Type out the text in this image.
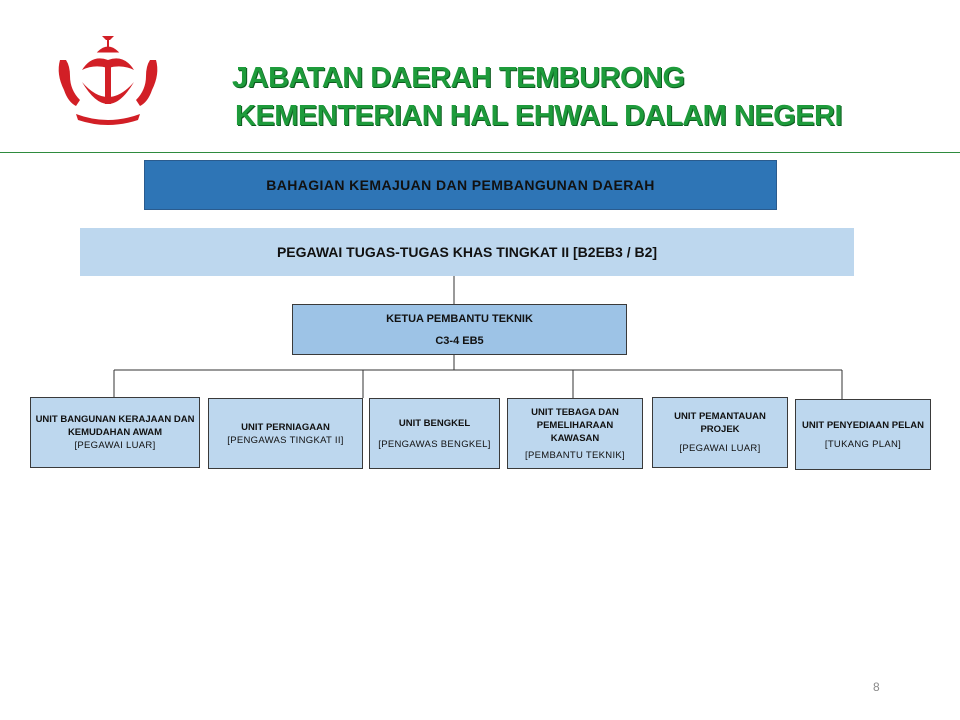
JABATAN DAERAH TEMBURONG
KEMENTERIAN HAL EHWAL DALAM NEGERI
BAHAGIAN KEMAJUAN DAN PEMBANGUNAN DAERAH
PEGAWAI TUGAS-TUGAS KHAS TINGKAT II [B2EB3 / B2]
KETUA PEMBANTU TEKNIK
C3-4 EB5
UNIT BANGUNAN KERAJAAN DAN KEMUDAHAN AWAM
[PEGAWAI LUAR]
UNIT PERNIAGAAN
[PENGAWAS TINGKAT II]
UNIT BENGKEL
[PENGAWAS BENGKEL]
UNIT TEBAGA DAN PEMELIHARAAN KAWASAN
[PEMBANTU TEKNIK]
UNIT PEMANTAUAN PROJEK
[PEGAWAI LUAR]
UNIT PENYEDIAAN PELAN
[TUKANG PLAN]
8
